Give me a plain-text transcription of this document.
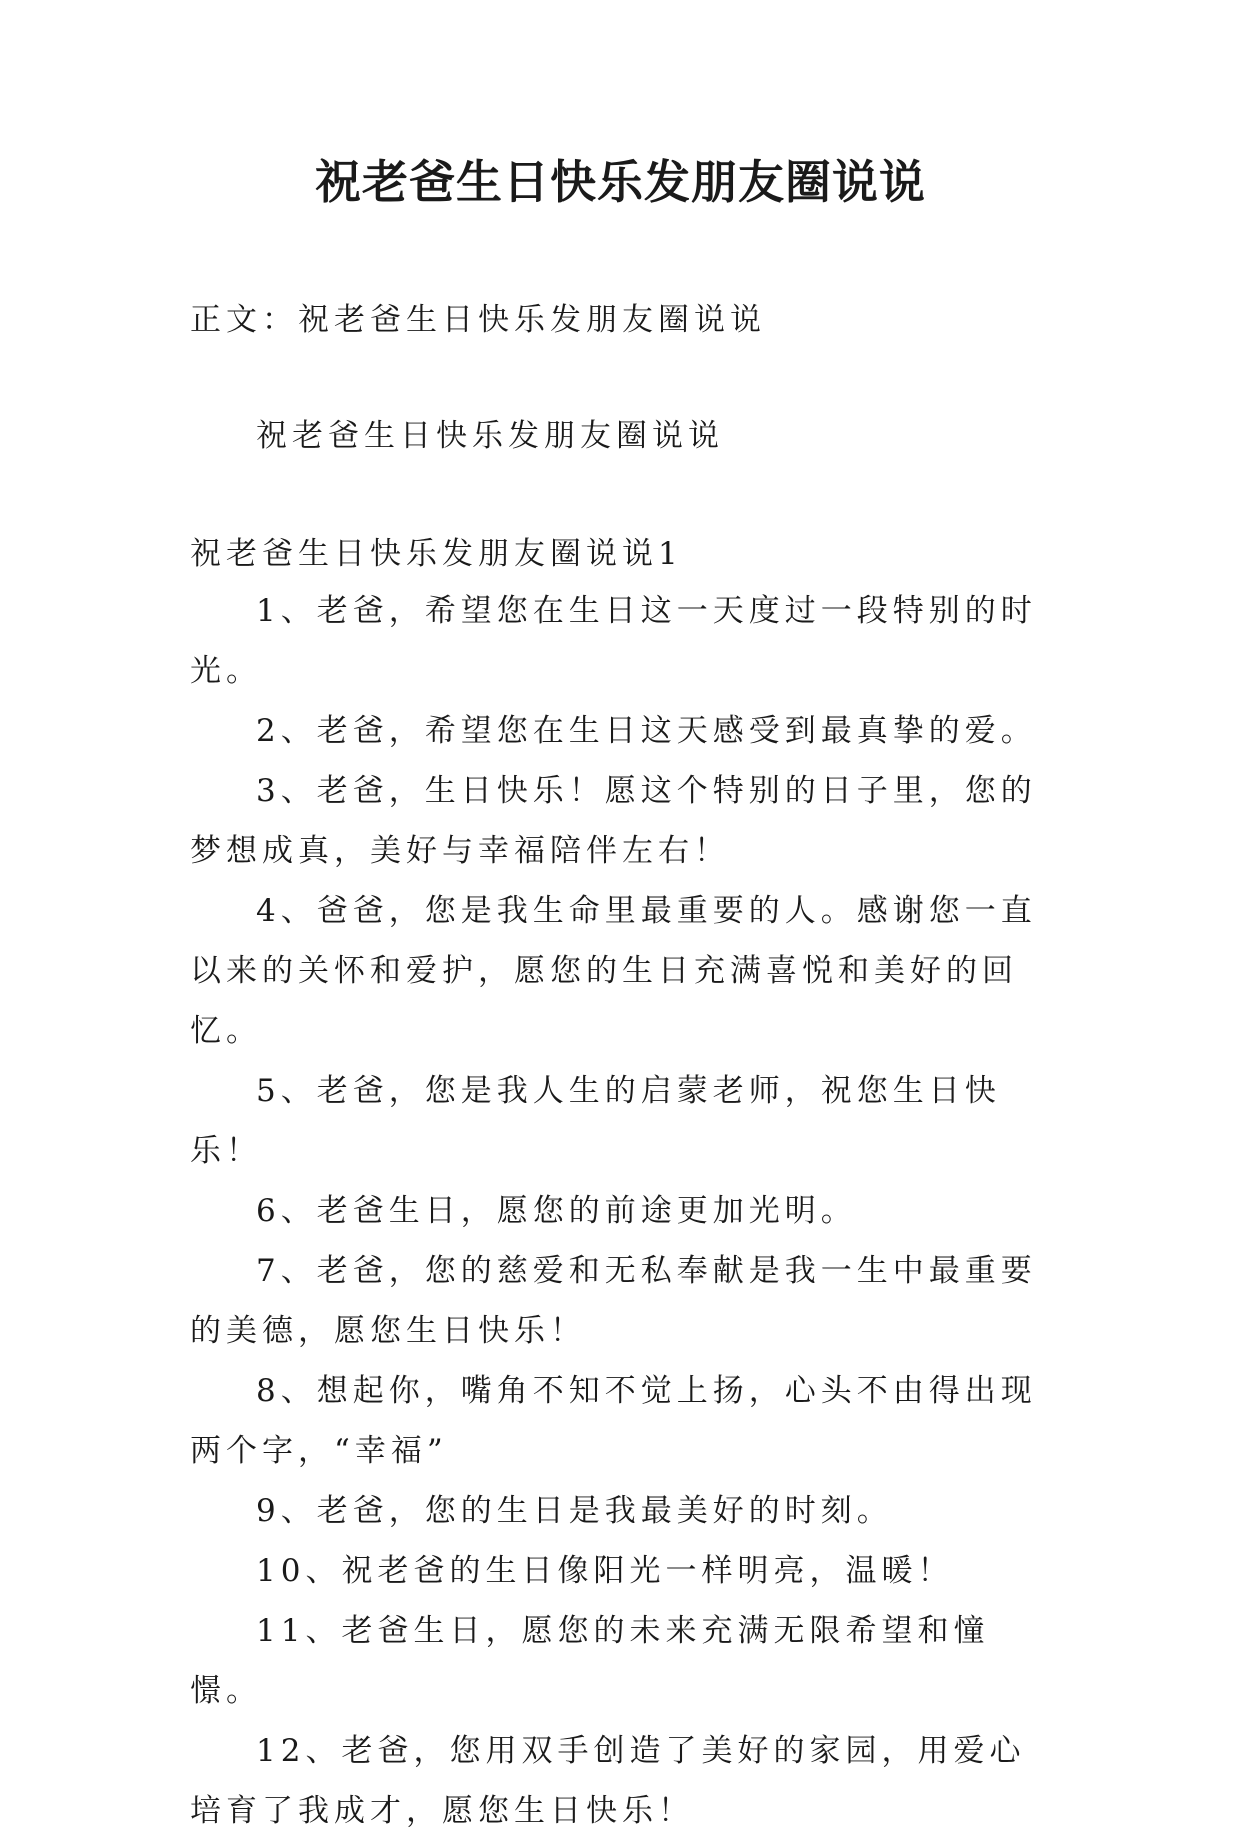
祝老爸生日快乐发朋友圈说说
正文：祝老爸生日快乐发朋友圈说说
祝老爸生日快乐发朋友圈说说
祝老爸生日快乐发朋友圈说说1

1、老爸，希望您在生日这一天度过一段特别的时光。

2、老爸，希望您在生日这天感受到最真挚的爱。

3、老爸，生日快乐！愿这个特别的日子里，您的梦想成真，美好与幸福陪伴左右！

4、爸爸，您是我生命里最重要的人。感谢您一直以来的关怀和爱护，愿您的生日充满喜悦和美好的回忆。

5、老爸，您是我人生的启蒙老师，祝您生日快乐！

6、老爸生日，愿您的前途更加光明。

7、老爸，您的慈爱和无私奉献是我一生中最重要的美德，愿您生日快乐！

8、想起你，嘴角不知不觉上扬，心头不由得出现两个字，“幸福”

9、老爸，您的生日是我最美好的时刻。

10、祝老爸的生日像阳光一样明亮，温暖！

11、老爸生日，愿您的未来充满无限希望和憧憬。

12、老爸，您用双手创造了美好的家园，用爱心培育了我成才，愿您生日快乐！
